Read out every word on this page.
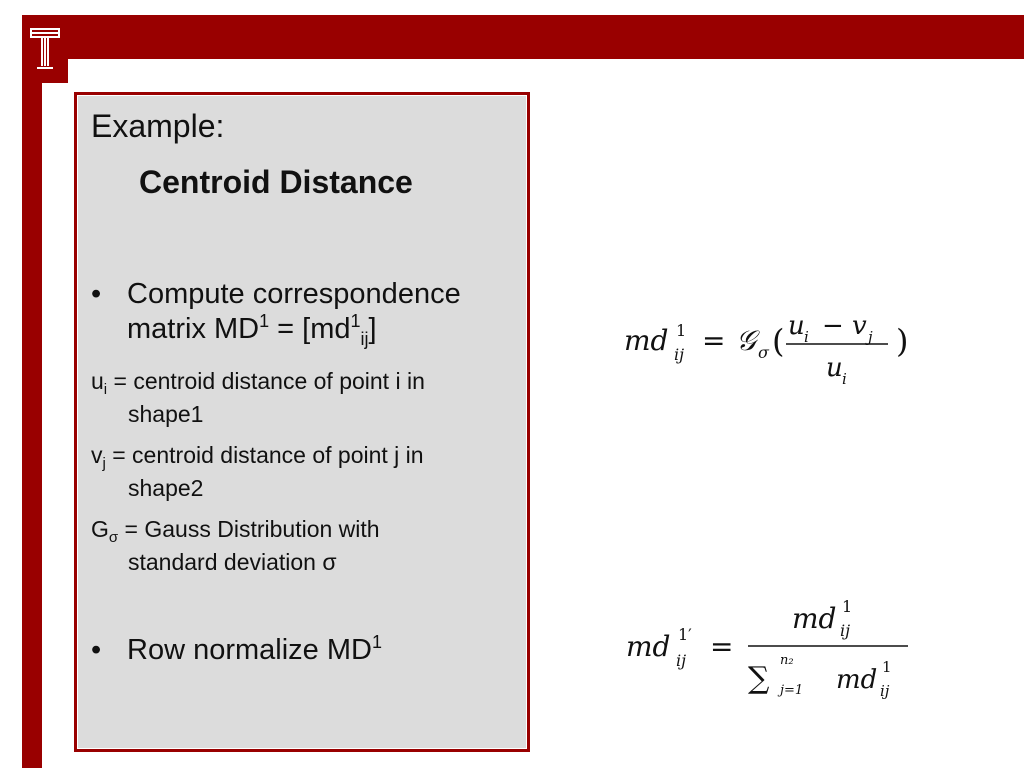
Example:
Centroid Distance
• Compute correspondence
matrix $MD^1 = [md^1_{ij}]$
$u_i$ = centroid distance of point i in
shape1
$v_j$ = centroid distance of point j in
shape2
$G_\sigma$ = Gauss Distribution with
standard deviation σ
• Row normalize $MD^1$
md 1
ij = 𝒢 σ ( u i − v j
u i
)
md 1′
ij =
md 1
ij
∑
n₂
j=1 md 1
ij
